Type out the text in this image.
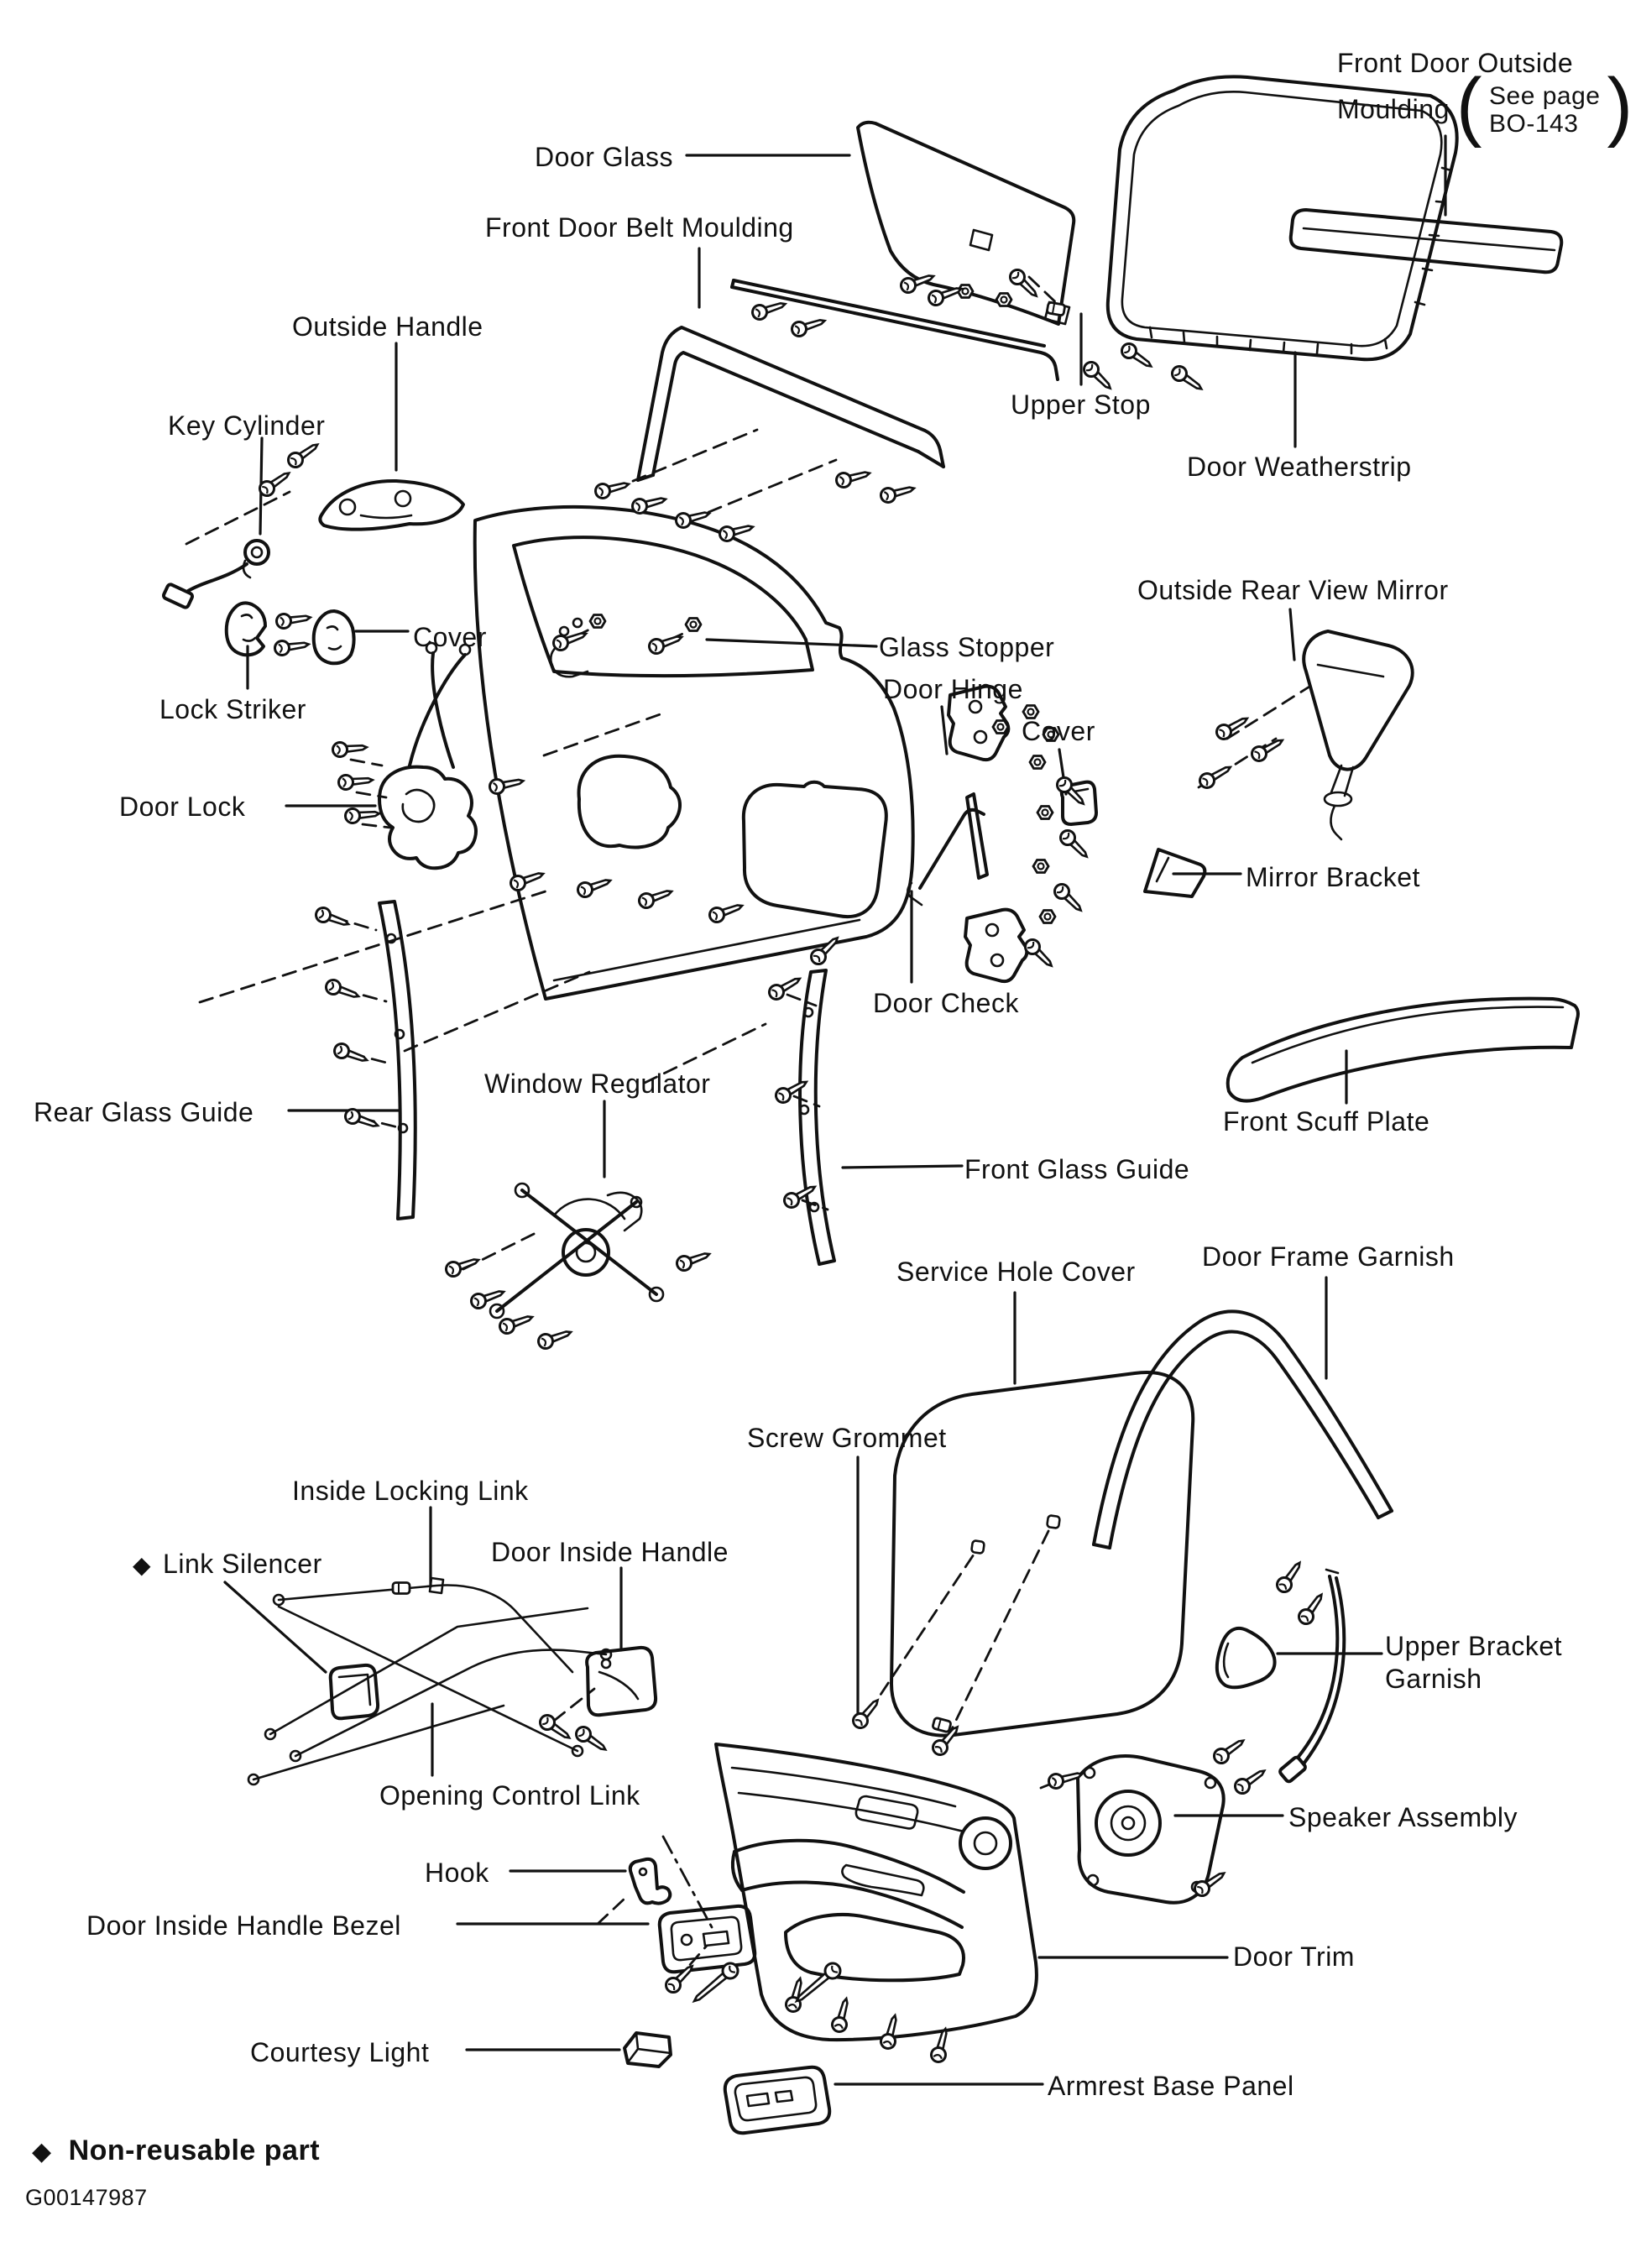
Front Door Outside
Moulding ( See page
BO-143 )
Door Glass
Front Door Belt Moulding
Outside Handle
Key Cylinder
Upper Stop
Door Weatherstrip
Cover
Lock Striker
Door Lock
Glass Stopper
Door Hinge
Cover
Outside Rear View Mirror
Mirror Bracket
Door Check
Rear Glass Guide
Window Regulator
Front Scuff Plate
Front Glass Guide
Service Hole Cover Door Frame Garnish
Screw Grommet
Inside Locking Link
Door Inside Handle
◆ Link Silencer
Upper Bracket
Garnish
Opening Control Link
Speaker Assembly
Hook
Door Inside Handle Bezel
Door Trim
Courtesy Light
Armrest Base Panel
◆ Non-reusable part
G00147987
